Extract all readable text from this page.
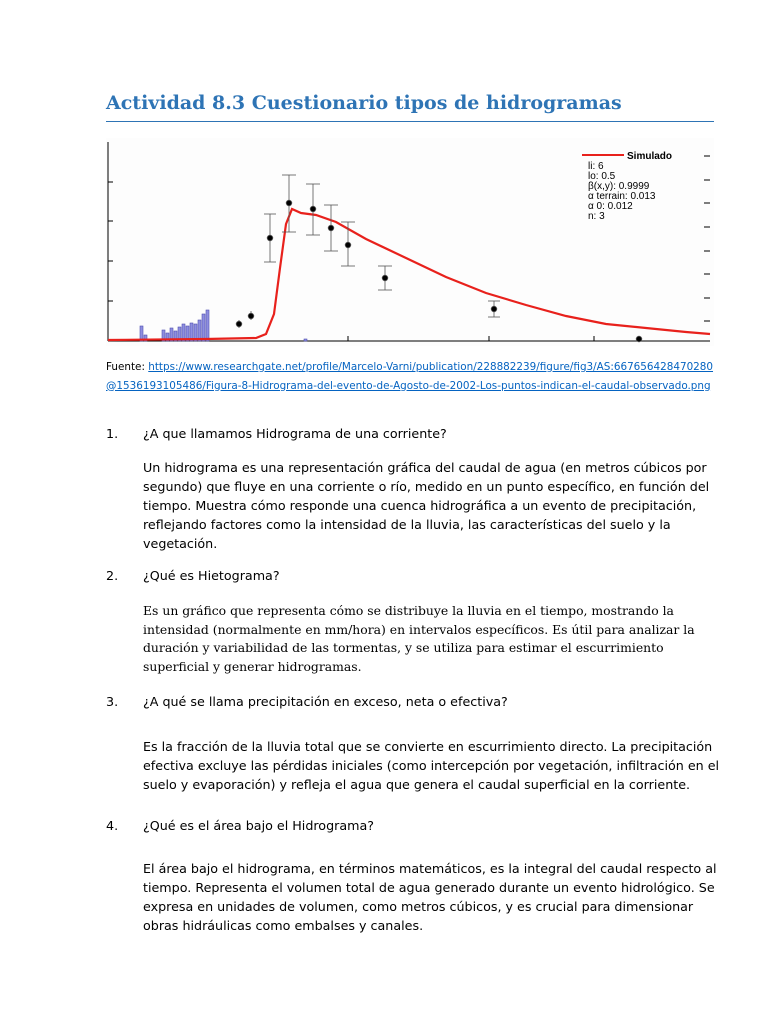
Actividad 8.3 Cuestionario tipos de hidrogramas
Simulado
li: 6
lo: 0.5
β(x,y): 0.9999
α terrain: 0.013
α 0: 0.012
n: 3
Fuente: https://www.researchgate.net/profile/Marcelo-Varni/publication/228882239/figure/fig3/AS:667656428470280@1536193105486/Figura-8-Hidrograma-del-evento-de-Agosto-de-2002-Los-puntos-indican-el-caudal-observado.png
1. ¿A que llamamos Hidrograma de una corriente?
Un hidrograma es una representación gráfica del caudal de agua (en metros cúbicos por segundo) que fluye en una corriente o río, medido en un punto específico, en función del tiempo. Muestra cómo responde una cuenca hidrográfica a un evento de precipitación, reflejando factores como la intensidad de la lluvia, las características del suelo y la vegetación.
2. ¿Qué es Hietograma?
Es un gráfico que representa cómo se distribuye la lluvia en el tiempo, mostrando la intensidad (normalmente en mm/hora) en intervalos específicos. Es útil para analizar la duración y variabilidad de las tormentas, y se utiliza para estimar el escurrimiento superficial y generar hidrogramas.
3. ¿A qué se llama precipitación en exceso, neta o efectiva?
Es la fracción de la lluvia total que se convierte en escurrimiento directo. La precipitación efectiva excluye las pérdidas iniciales (como intercepción por vegetación, infiltración en el suelo y evaporación) y refleja el agua que genera el caudal superficial en la corriente.
4. ¿Qué es el área bajo el Hidrograma?
El área bajo el hidrograma, en términos matemáticos, es la integral del caudal respecto al tiempo. Representa el volumen total de agua generado durante un evento hidrológico. Se expresa en unidades de volumen, como metros cúbicos, y es crucial para dimensionar obras hidráulicas como embalses y canales.
